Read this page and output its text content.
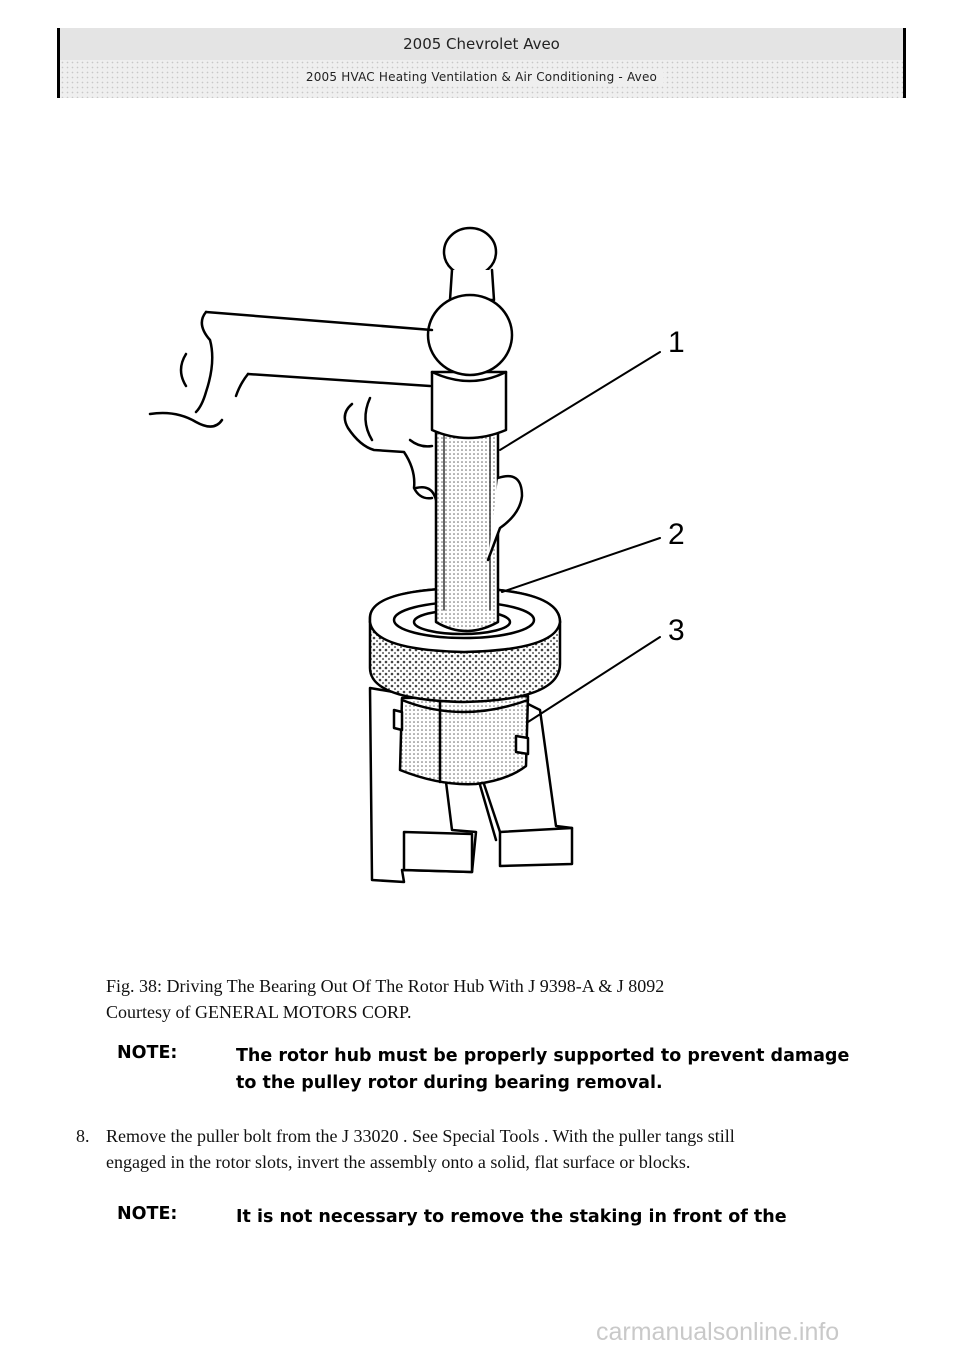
2005 Chevrolet Aveo
2005 HVAC Heating Ventilation & Air Conditioning - Aveo
1
2
3
Fig. 38: Driving The Bearing Out Of The Rotor Hub With J 9398-A & J 8092
Courtesy of GENERAL MOTORS CORP.
NOTE:	The rotor hub must be properly supported to prevent damage
to the pulley rotor during bearing removal.
8. Remove the puller bolt from the J 33020 . See Special Tools . With the puller tangs still
engaged in the rotor slots, invert the assembly onto a solid, flat surface or blocks.
NOTE:	It is not necessary to remove the staking in front of the
carmanualsonline.info
